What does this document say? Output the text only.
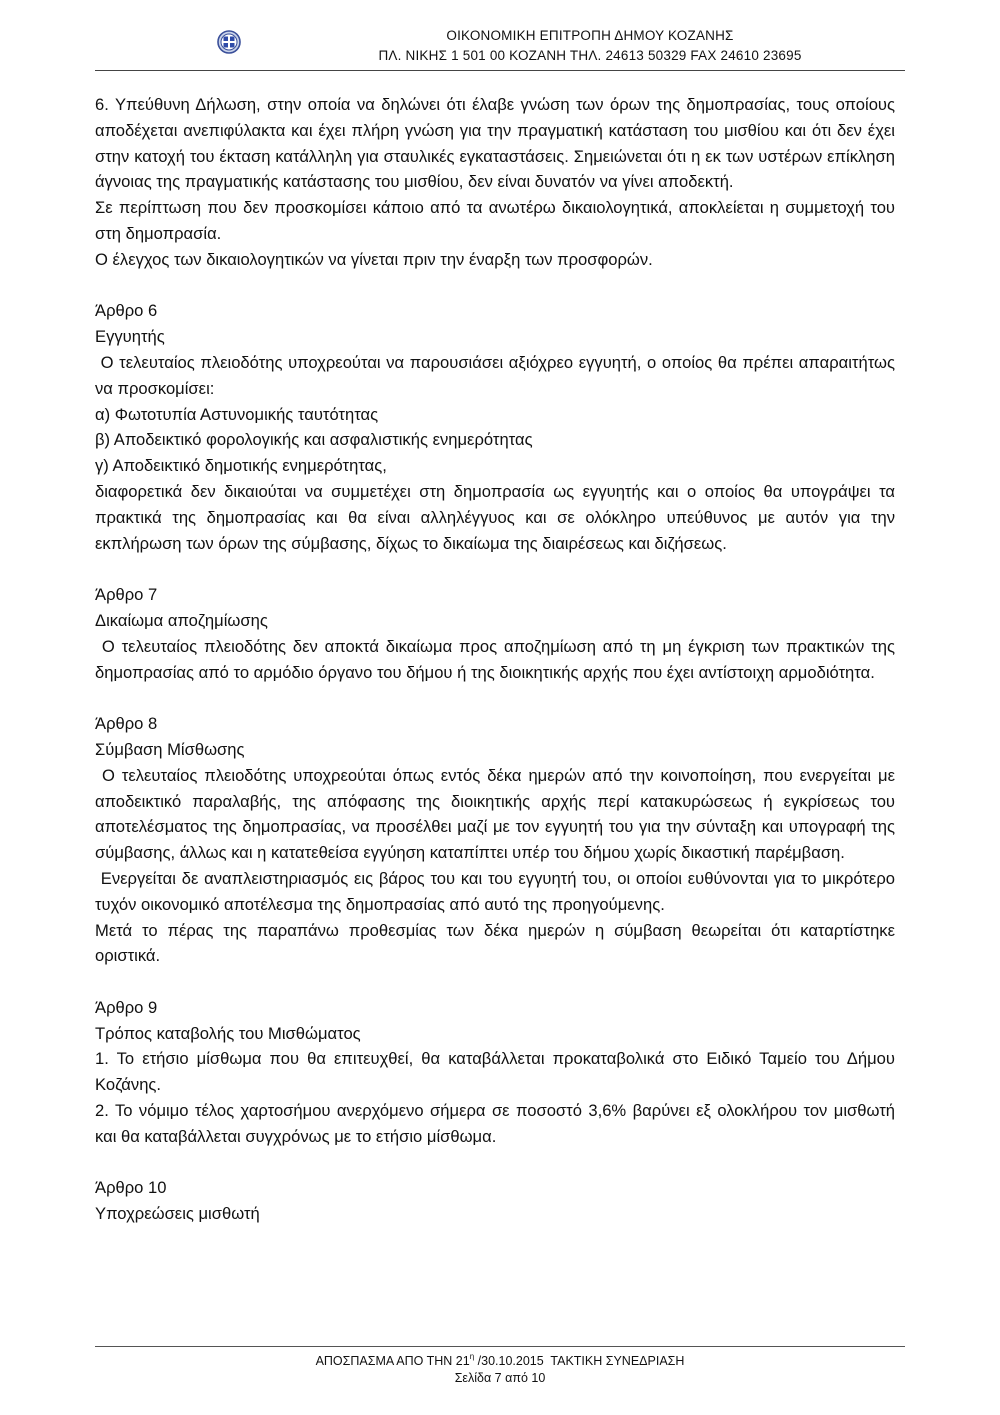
ΟΙΚΟΝΟΜΙΚΗ ΕΠΙΤΡΟΠΗ ΔΗΜΟΥ ΚΟΖΑΝΗΣ
ΠΛ. ΝΙΚΗΣ 1 501 00 ΚΟΖΑΝΗ ΤΗΛ. 24613 50329 FAX 24610 23695

6. Υπεύθυνη Δήλωση, στην οποία να δηλώνει ότι έλαβε γνώση των όρων της δημοπρασίας, τους οποίους αποδέχεται ανεπιφύλακτα και έχει πλήρη γνώση για την πραγματική κατάσταση του μισθίου και ότι δεν έχει στην κατοχή του έκταση κατάλληλη για σταυλικές εγκαταστάσεις. Σημειώνεται ότι η εκ των υστέρων επίκληση άγνοιας της πραγματικής κατάστασης του μισθίου, δεν είναι δυνατόν να γίνει αποδεκτή.

Σε περίπτωση που δεν προσκομίσει κάποιο από τα ανωτέρω δικαιολογητικά, αποκλείεται η συμμετοχή του στη δημοπρασία.

Ο έλεγχος των δικαιολογητικών να γίνεται πριν την έναρξη των προσφορών.

Άρθρο 6

Εγγυητής

Ο τελευταίος πλειοδότης υποχρεούται να παρουσιάσει αξιόχρεο εγγυητή, ο οποίος θα πρέπει απαραιτήτως να προσκομίσει:

α) Φωτοτυπία Αστυνομικής ταυτότητας

β) Αποδεικτικό φορολογικής και ασφαλιστικής ενημερότητας

γ) Αποδεικτικό δημοτικής ενημερότητας,

διαφορετικά δεν δικαιούται να συμμετέχει στη δημοπρασία ως εγγυητής και ο οποίος θα υπογράψει τα πρακτικά της δημοπρασίας και θα είναι αλληλέγγυος και σε ολόκληρο υπεύθυνος με αυτόν για την εκπλήρωση των όρων της σύμβασης, δίχως το δικαίωμα της διαιρέσεως και διζήσεως.

Άρθρο 7

Δικαίωμα αποζημίωσης

Ο τελευταίος πλειοδότης δεν αποκτά δικαίωμα προς αποζημίωση από τη μη έγκριση των πρακτικών της δημοπρασίας από το αρμόδιο όργανο του δήμου ή της διοικητικής αρχής που έχει αντίστοιχη αρμοδιότητα.

Άρθρο 8

Σύμβαση Μίσθωσης

Ο τελευταίος πλειοδότης υποχρεούται όπως εντός δέκα ημερών από την κοινοποίηση, που ενεργείται με αποδεικτικό παραλαβής, της απόφασης της διοικητικής αρχής περί κατακυρώσεως ή εγκρίσεως του αποτελέσματος της δημοπρασίας, να προσέλθει μαζί με τον εγγυητή του για την σύνταξη και υπογραφή της σύμβασης, άλλως και η κατατεθείσα εγγύηση καταπίπτει υπέρ του δήμου χωρίς δικαστική παρέμβαση.

Ενεργείται δε αναπλειστηριασμός εις βάρος του και του εγγυητή του, οι οποίοι ευθύνονται για το μικρότερο τυχόν οικονομικό αποτέλεσμα της δημοπρασίας από αυτό της προηγούμενης.

Μετά το πέρας της παραπάνω προθεσμίας των δέκα ημερών η σύμβαση θεωρείται ότι καταρτίστηκε οριστικά.

Άρθρο 9

Τρόπος καταβολής του Μισθώματος

1. Το ετήσιο μίσθωμα που θα επιτευχθεί, θα καταβάλλεται προκαταβολικά στο Ειδικό Ταμείο του Δήμου Κοζάνης.

2. Το νόμιμο τέλος χαρτοσήμου ανερχόμενο σήμερα σε ποσοστό 3,6% βαρύνει εξ ολοκλήρου τον μισθωτή και θα καταβάλλεται συγχρόνως με το ετήσιο μίσθωμα.

Άρθρο 10

Υποχρεώσεις μισθωτή

ΑΠΟΣΠΑΣΜΑ ΑΠΟ ΤΗΝ $21^\eta$ /30.10.2015  ΤΑΚΤΙΚΗ ΣΥΝΕΔΡΙΑΣΗ
Σελίδα 7 από 10
